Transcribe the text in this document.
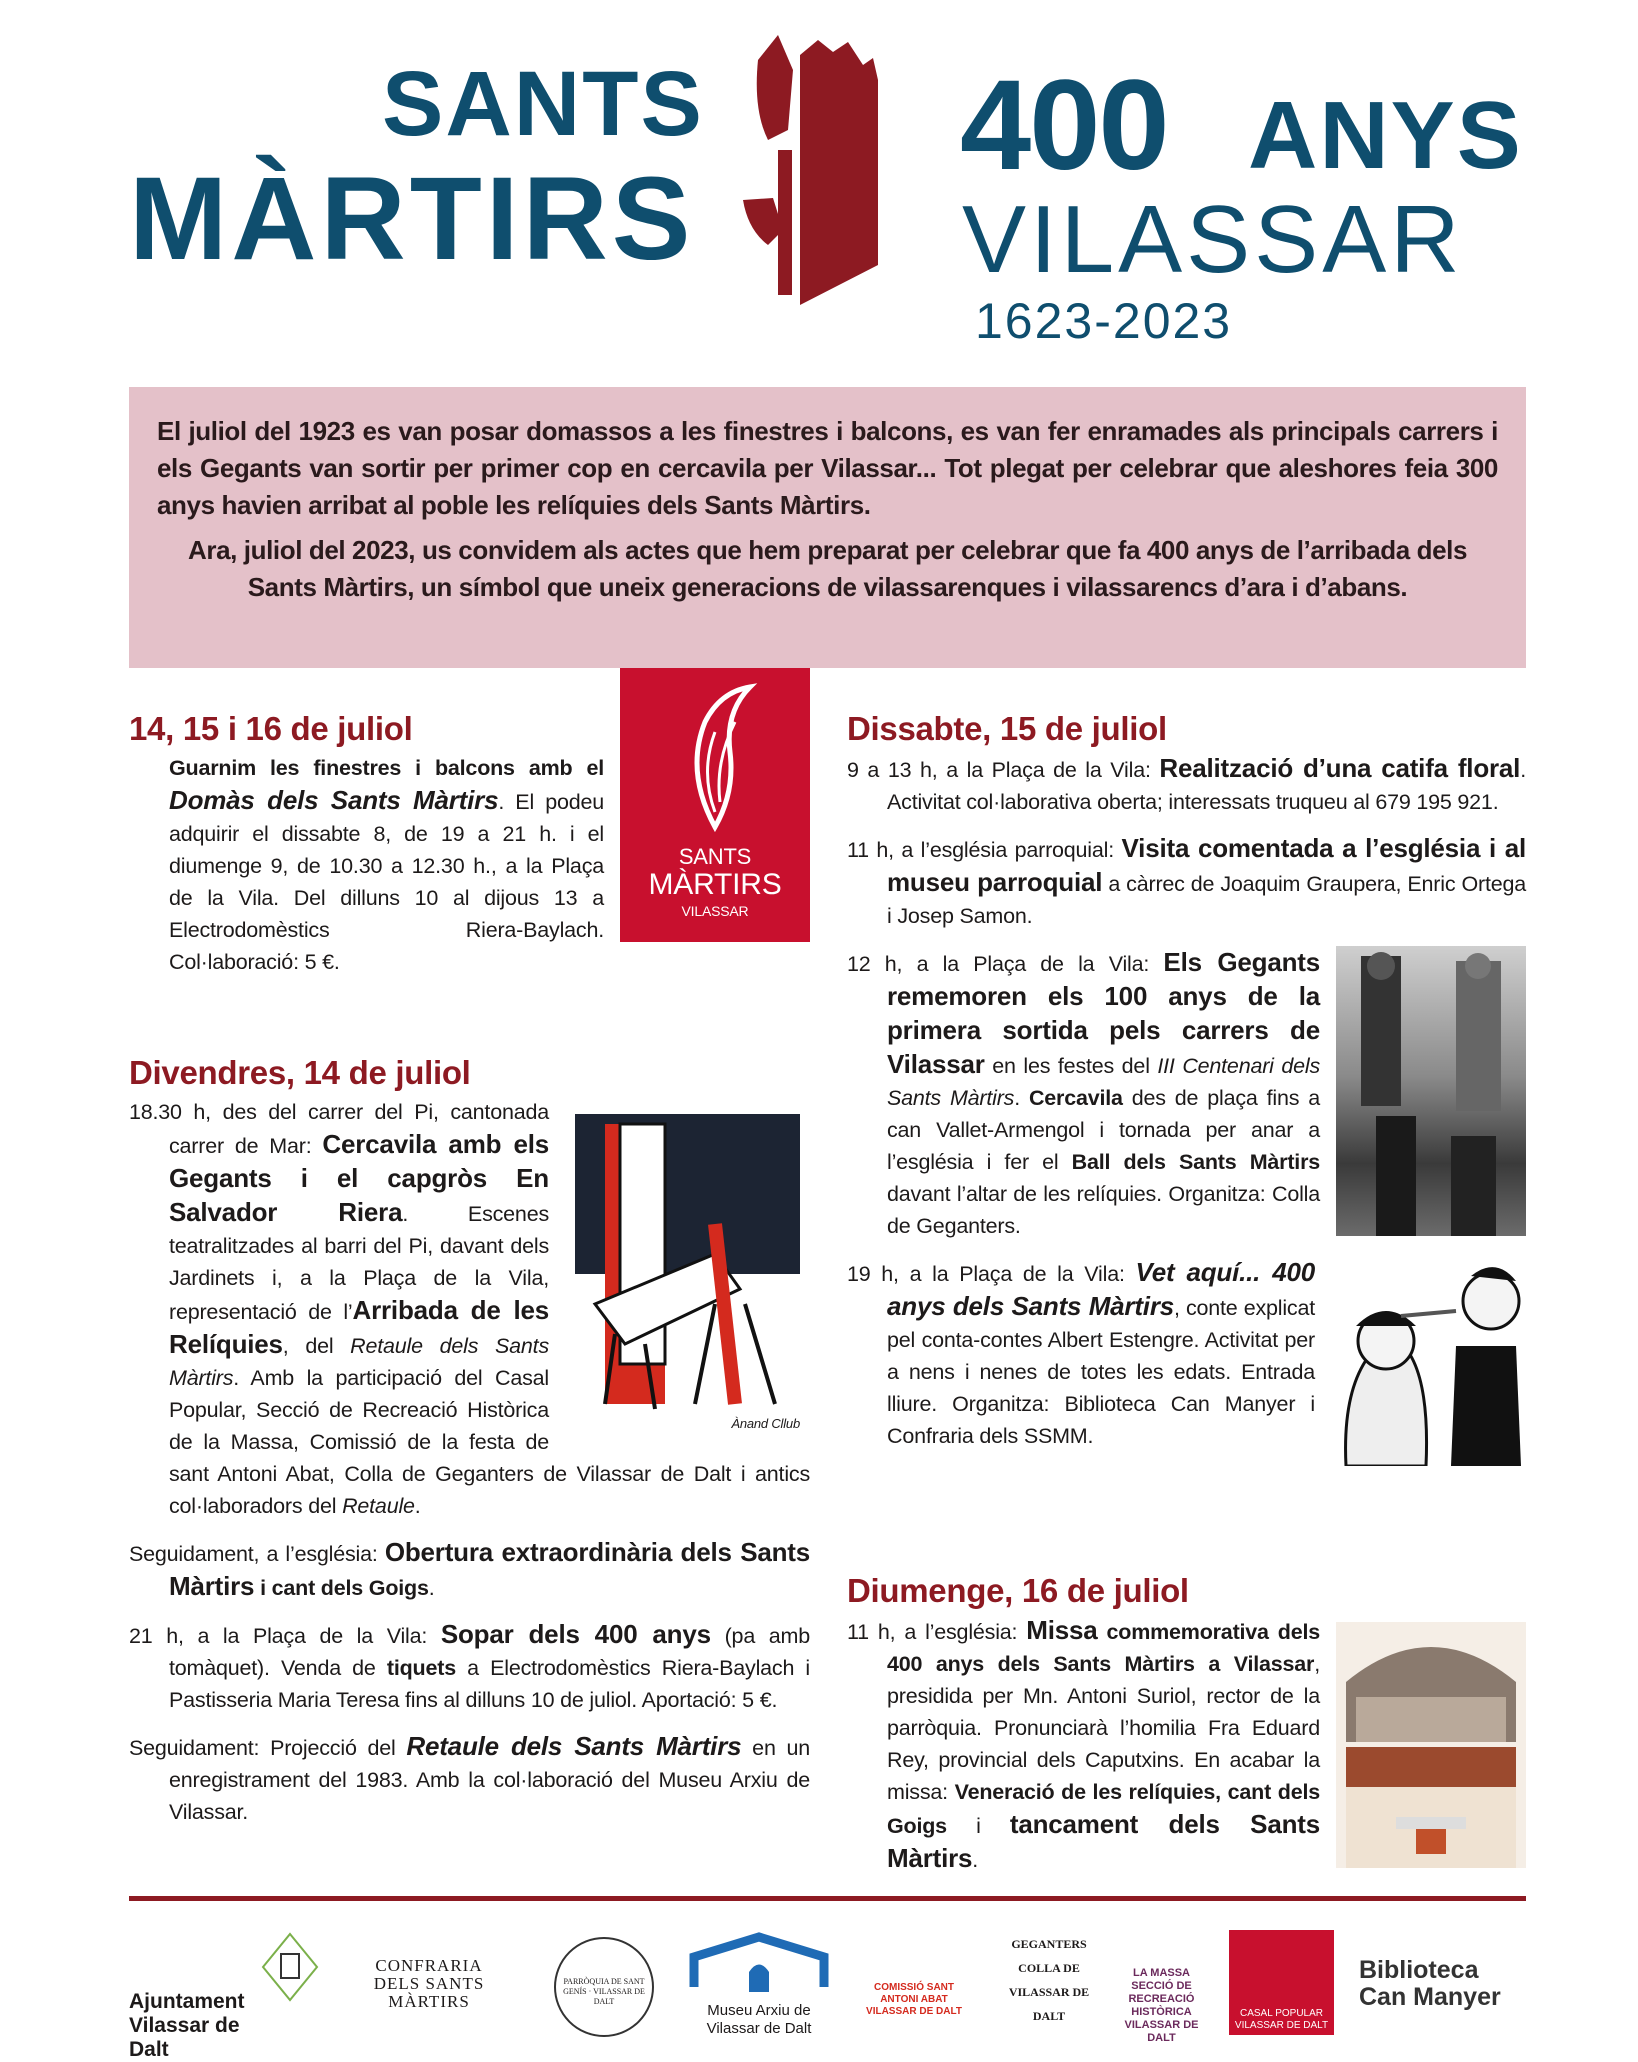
SANTS
MÀRTIRS
400 ANYS
VILASSAR
1623-2023

El juliol del 1923 es van posar domassos a les finestres i balcons, es van fer enramades als principals carrers i els Gegants van sortir per primer cop en cercavila per Vilassar... Tot plegat per celebrar que aleshores feia 300 anys havien arribat al poble les relíquies dels Sants Màrtirs.

Ara, juliol del 2023, us convidem als actes que hem preparat per celebrar que fa 400 anys de l’arribada dels Sants Màrtirs, un símbol que uneix generacions de vilassarenques i vilassarencs d’ara i d’abans.

SANTS
MÀRTIRS
VILASSAR
14, 15 i 16 de juliol

Guarnim les finestres i balcons amb el Domàs dels Sants Màrtirs. El podeu adquirir el dissabte 8, de 19 a 21 h. i el diumenge 9, de 10.30 a 12.30 h., a la Plaça de la Vila. Del dilluns 10 al dijous 13 a Electrodomèstics Riera-Baylach. Col·laboració: 5 €.

Divendres, 14 de juliol
Ànand Cllub

18.30 h, des del carrer del Pi, cantonada carrer de Mar: Cercavila amb els Gegants i el capgròs En Salvador Riera. Escenes teatralitzades al barri del Pi, davant dels Jardinets i, a la Plaça de la Vila, representació de l’Arribada de les Relíquies, del Retaule dels Sants Màrtirs. Amb la participació del Casal Popular, Secció de Recreació Històrica de la Massa, Comissió de la festa de sant Antoni Abat, Colla de Geganters de Vilassar de Dalt i antics col·laboradors del Retaule.

Seguidament, a l’església: Obertura extraordinària dels Sants Màrtirs i cant dels Goigs.

21 h, a la Plaça de la Vila: Sopar dels 400 anys (pa amb tomàquet). Venda de tiquets a Electrodomèstics Riera-Baylach i Pastisseria Maria Teresa fins al dilluns 10 de juliol. Aportació: 5 €.

Seguidament: Projecció del Retaule dels Sants Màrtirs en un enregistrament del 1983. Amb la col·laboració del Museu Arxiu de Vilassar.

Dissabte, 15 de juliol

9 a 13 h, a la Plaça de la Vila: Realització d’una catifa floral. Activitat col·laborativa oberta; interessats truqueu al 679 195 921.

11 h, a l’església parroquial: Visita comentada a l’església i al museu parroquial a càrrec de Joaquim Graupera, Enric Ortega i Josep Samon.

12 h, a la Plaça de la Vila: Els Gegants rememoren els 100 anys de la primera sortida pels carrers de Vilassar en les festes del III Centenari dels Sants Màrtirs. Cercavila des de plaça fins a can Vallet-Armengol i tornada per anar a l’església i fer el Ball dels Sants Màrtirs davant l’altar de les relíquies. Organitza: Colla de Geganters.

19 h, a la Plaça de la Vila: Vet aquí... 400 anys dels Sants Màrtirs, conte explicat pel conta-contes Albert Estengre. Activitat per a nens i nenes de totes les edats. Entrada lliure. Organitza: Biblioteca Can Manyer i Confraria dels SSMM.

Diumenge, 16 de juliol

11 h, a l’església: Missa commemorativa dels 400 anys dels Sants Màrtirs a Vilassar, presidida per Mn. Antoni Suriol, rector de la parròquia. Pronunciarà l’homilia Fra Eduard Rey, provincial dels Caputxins. En acabar la missa: Veneració de les relíquies, cant dels Goigs i tancament dels Sants Màrtirs.

Ajuntament Vilassar de Dalt
CONFRARIA DELS SANTS MÀRTIRS
PARRÒQUIA DE SANT GENÍS · VILASSAR DE DALT
Museu Arxiu de Vilassar de Dalt
COMISSIÓ SANT ANTONI ABAT VILASSAR DE DALT
GEGANTERS COLLA DE VILASSAR DE DALT
LA MASSA SECCIÓ DE RECREACIÓ HISTÒRICA VILASSAR DE DALT
CASAL POPULAR VILASSAR DE DALT
Biblioteca Can Manyer
